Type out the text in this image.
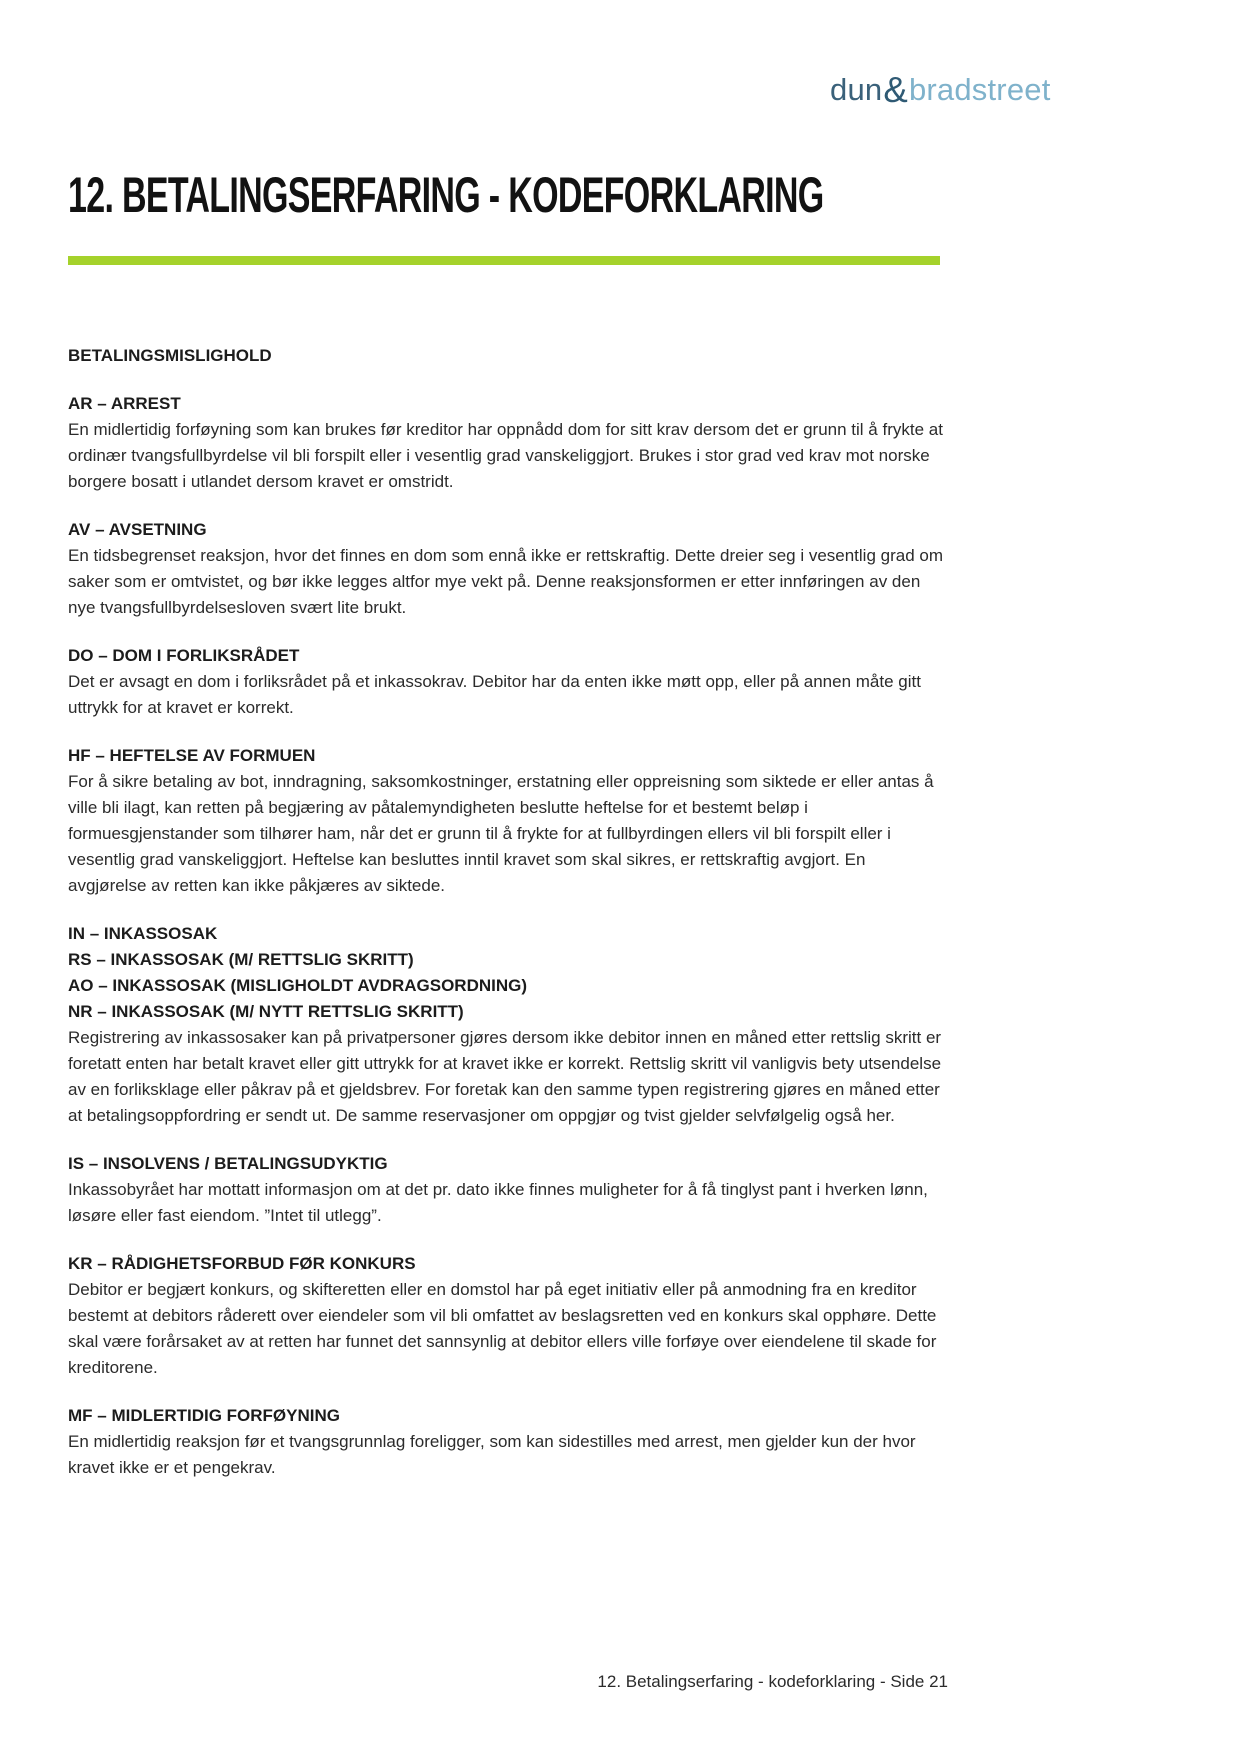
dun&bradstreet
12. BETALINGSERFARING - KODEFORKLARING
BETALINGSMISLIGHOLD
AR – ARREST

En midlertidig forføyning som kan brukes før kreditor har oppnådd dom for sitt krav dersom det er grunn til å frykte at ordinær tvangsfullbyrdelse vil bli forspilt eller i vesentlig grad vanskeliggjort. Brukes i stor grad ved krav mot norske borgere bosatt i utlandet dersom kravet er omstridt.

AV – AVSETNING

En tidsbegrenset reaksjon, hvor det finnes en dom som ennå ikke er rettskraftig. Dette dreier seg i vesentlig grad om saker som er omtvistet, og bør ikke legges altfor mye vekt på. Denne reaksjonsformen er etter innføringen av den nye tvangsfullbyrdelsesloven svært lite brukt.

DO – DOM I FORLIKSRÅDET

Det er avsagt en dom i forliksrådet på et inkassokrav. Debitor har da enten ikke møtt opp, eller på annen måte gitt uttrykk for at kravet er korrekt.

HF – HEFTELSE AV FORMUEN

For å sikre betaling av bot, inndragning, saksomkostninger, erstatning eller oppreisning som siktede er eller antas å ville bli ilagt, kan retten på begjæring av påtalemyndigheten beslutte heftelse for et bestemt beløp i formuesgjenstander som tilhører ham, når det er grunn til å frykte for at fullbyrdingen ellers vil bli forspilt eller i vesentlig grad vanskeliggjort. Heftelse kan besluttes inntil kravet som skal sikres, er rettskraftig avgjort. En avgjørelse av retten kan ikke påkjæres av siktede.

IN – INKASSOSAK
RS – INKASSOSAK (M/ RETTSLIG SKRITT)
AO – INKASSOSAK (MISLIGHOLDT AVDRAGSORDNING)
NR – INKASSOSAK (M/ NYTT RETTSLIG SKRITT)

Registrering av inkassosaker kan på privatpersoner gjøres dersom ikke debitor innen en måned etter rettslig skritt er foretatt enten har betalt kravet eller gitt uttrykk for at kravet ikke er korrekt. Rettslig skritt vil vanligvis bety utsendelse av en forliksklage eller påkrav på et gjeldsbrev. For foretak kan den samme typen registrering gjøres en måned etter at betalingsoppfordring er sendt ut. De samme reservasjoner om oppgjør og tvist gjelder selvfølgelig også her.

IS – INSOLVENS / BETALINGSUDYKTIG

Inkassobyrået har mottatt informasjon om at det pr. dato ikke finnes muligheter for å få tinglyst pant i hverken lønn, løsøre eller fast eiendom. ”Intet til utlegg”.

KR – RÅDIGHETSFORBUD FØR KONKURS

Debitor er begjært konkurs, og skifteretten eller en domstol har på eget initiativ eller på anmodning fra en kreditor bestemt at debitors råderett over eiendeler som vil bli omfattet av beslagsretten ved en konkurs skal opphøre. Dette skal være forårsaket av at retten har funnet det sannsynlig at debitor ellers ville forføye over eiendelene til skade for kreditorene.

MF – MIDLERTIDIG FORFØYNING

En midlertidig reaksjon før et tvangsgrunnlag foreligger, som kan sidestilles med arrest, men gjelder kun der hvor kravet ikke er et pengekrav.

12. Betalingserfaring - kodeforklaring - Side 21
